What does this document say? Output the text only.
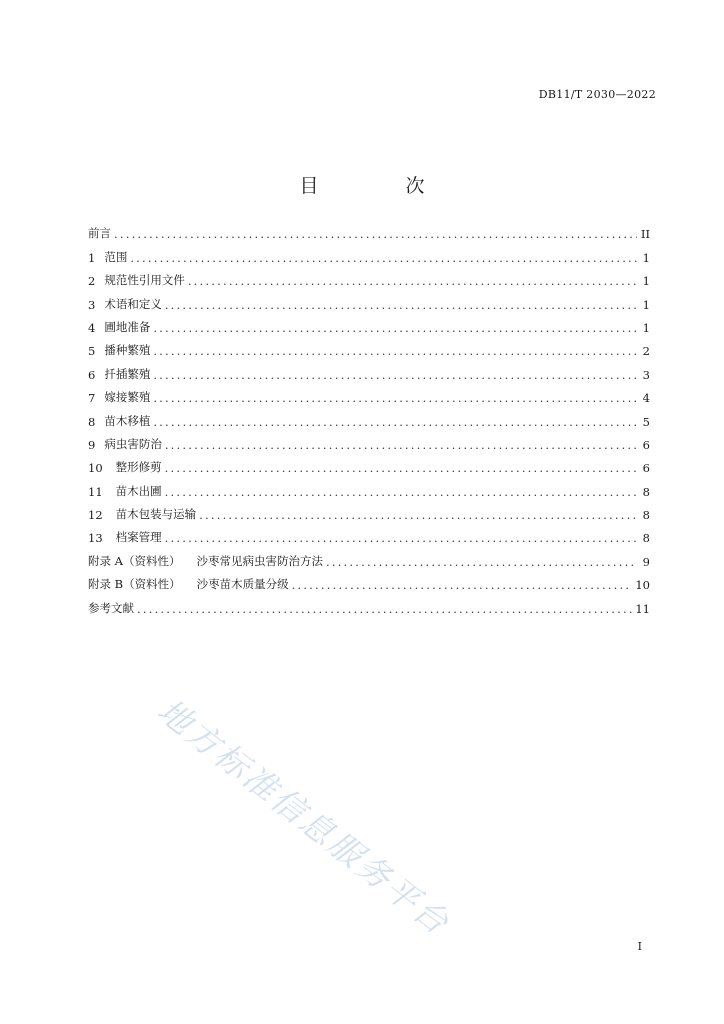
DB11/T 2030—2022
目　次
前言 .....	II
1 范围 .....	1
2 规范性引用文件 .....	1
3 术语和定义 .....	1
4 圃地准备 .....	1
5 播种繁殖 .....	2
6 扦插繁殖 .....	3
7 嫁接繁殖 .....	4
8 苗木移植 .....	5
9 病虫害防治 .....	6
10 整形修剪 .....	6
11 苗木出圃 .....	8
12 苗木包装与运输 .....	8
13 档案管理 .....	8
附录 A（资料性） 沙枣常见病虫害防治方法 .....	9
附录 B（资料性） 沙枣苗木质量分级 .....	10
参考文献 .....	11
地方标准信息服务平台
I
